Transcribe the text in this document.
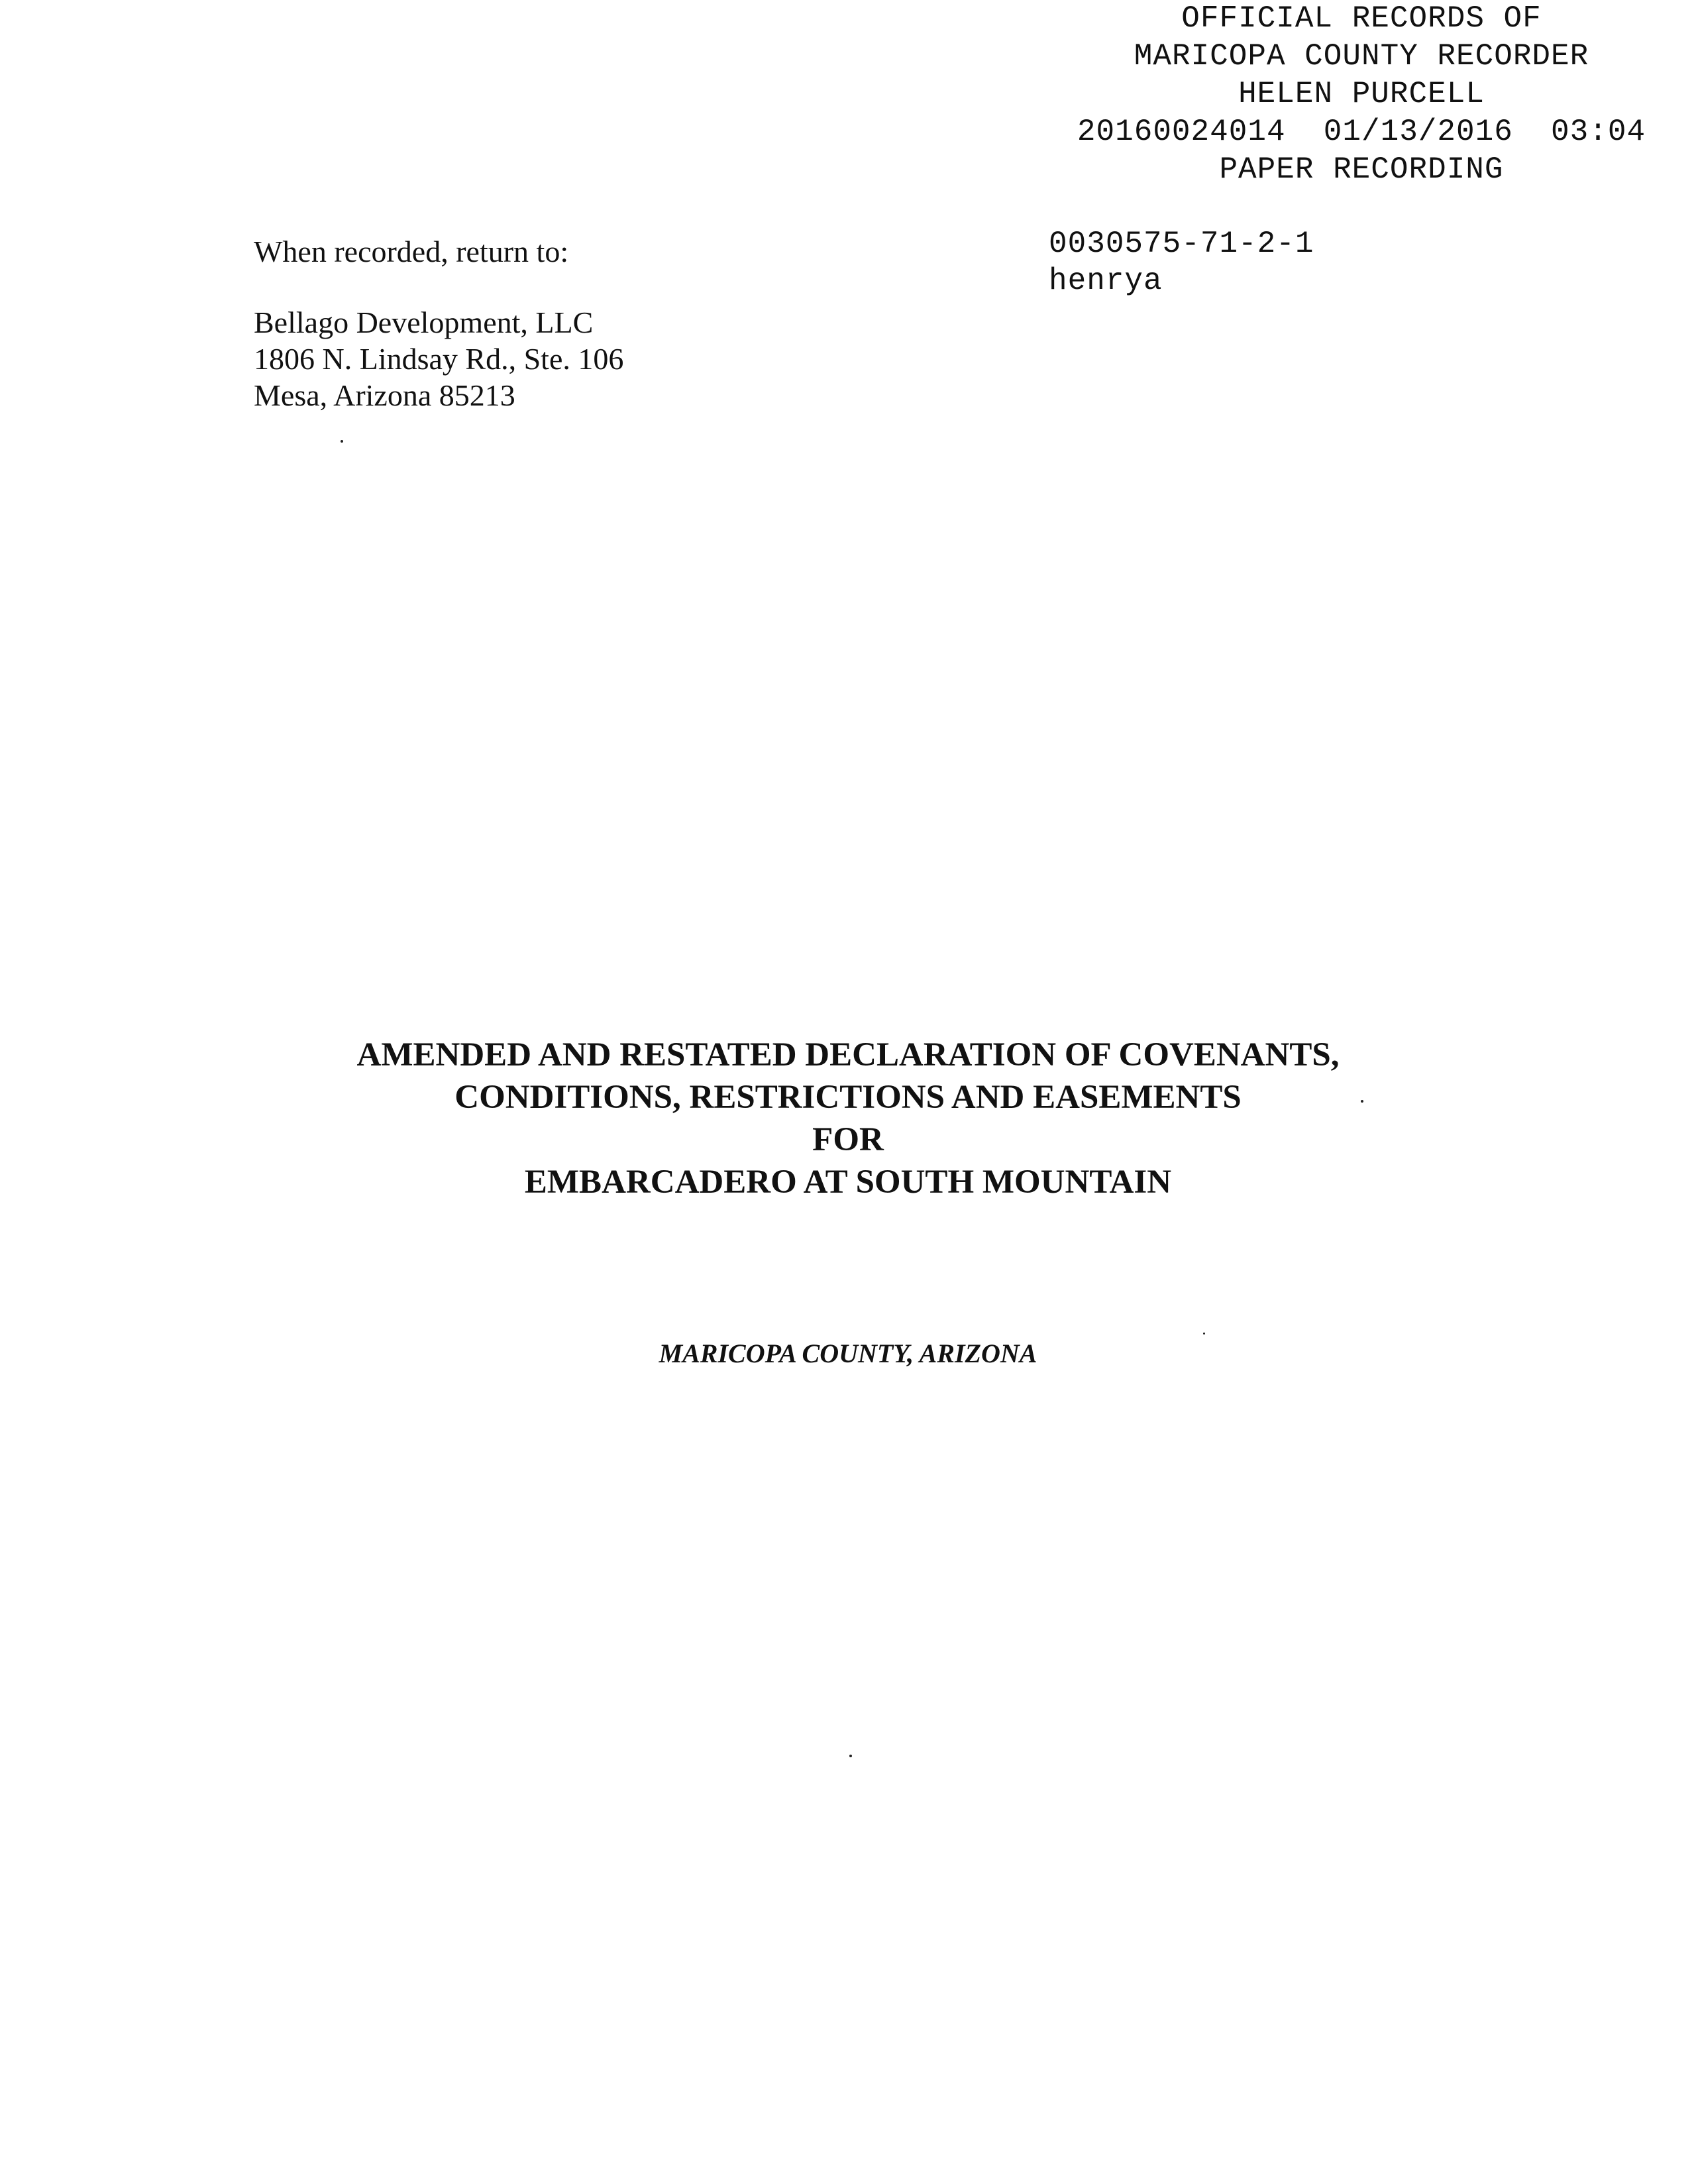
OFFICIAL RECORDS OF
MARICOPA COUNTY RECORDER
HELEN PURCELL
20160024014 01/13/2016 03:04
PAPER RECORDING
0030575-71-2-1
henrya
When recorded, return to:
Bellago Development, LLC
1806 N. Lindsay Rd., Ste. 106
Mesa, Arizona 85213
AMENDED AND RESTATED DECLARATION OF COVENANTS,
CONDITIONS, RESTRICTIONS AND EASEMENTS
FOR
EMBARCADERO AT SOUTH MOUNTAIN
MARICOPA COUNTY, ARIZONA
